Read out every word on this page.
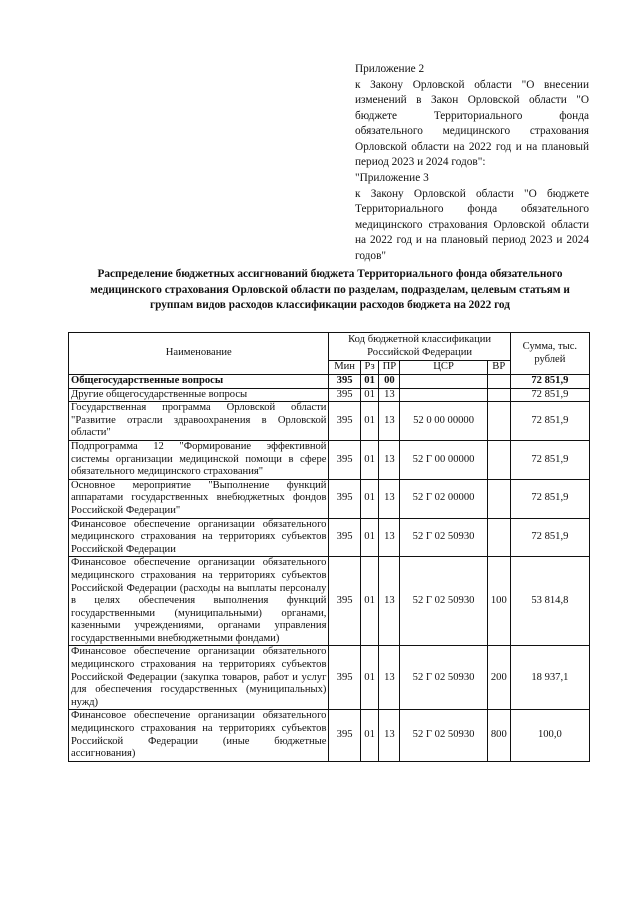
Приложение 2
к Закону Орловской области "О внесении изменений в Закон Орловской области "О бюджете Территориального фонда обязательного медицинского страхования Орловской области на 2022 год и на плановый период 2023 и 2024 годов":
"Приложение 3
к Закону Орловской области "О бюджете Территориального фонда обязательного медицинского страхования Орловской области на 2022 год и на плановый период 2023 и 2024 годов"
Распределение бюджетных ассигнований бюджета Территориального фонда обязательного медицинского страхования Орловской области по разделам, подразделам, целевым статьям и группам видов расходов классификации расходов бюджета на 2022 год
Наименование	Код бюджетной классификации Российской Федерации					Сумма, тыс. рублей
	Мин	Рз	ПР	ЦСР	ВР	
Общегосударственные вопросы	395	01	00			72 851,9
Другие общегосударственные вопросы	395	01	13			72 851,9
Государственная программа Орловской области "Развитие отрасли здравоохранения в Орловской области"	395	01	13	52 0 00 00000		72 851,9
Подпрограмма 12 "Формирование эффективной системы организации медицинской помощи в сфере обязательного медицинского страхования"	395	01	13	52 Г 00 00000		72 851,9
Основное мероприятие "Выполнение функций аппаратами государственных внебюджетных фондов Российской Федерации"	395	01	13	52 Г 02 00000		72 851,9
Финансовое обеспечение организации обязательного медицинского страхования на территориях субъектов Российской Федерации	395	01	13	52 Г 02 50930		72 851,9
Финансовое обеспечение организации обязательного медицинского страхования на территориях субъектов Российской Федерации (расходы на выплаты персоналу в целях обеспечения выполнения функций государственными (муниципальными) органами, казенными учреждениями, органами управления государственными внебюджетными фондами)	395	01	13	52 Г 02 50930	100	53 814,8
Финансовое обеспечение организации обязательного медицинского страхования на территориях субъектов Российской Федерации (закупка товаров, работ и услуг для обеспечения государственных (муниципальных) нужд)	395	01	13	52 Г 02 50930	200	18 937,1
Финансовое обеспечение организации обязательного медицинского страхования на территориях субъектов Российской Федерации (иные бюджетные ассигнования)	395	01	13	52 Г 02 50930	800	100,0
